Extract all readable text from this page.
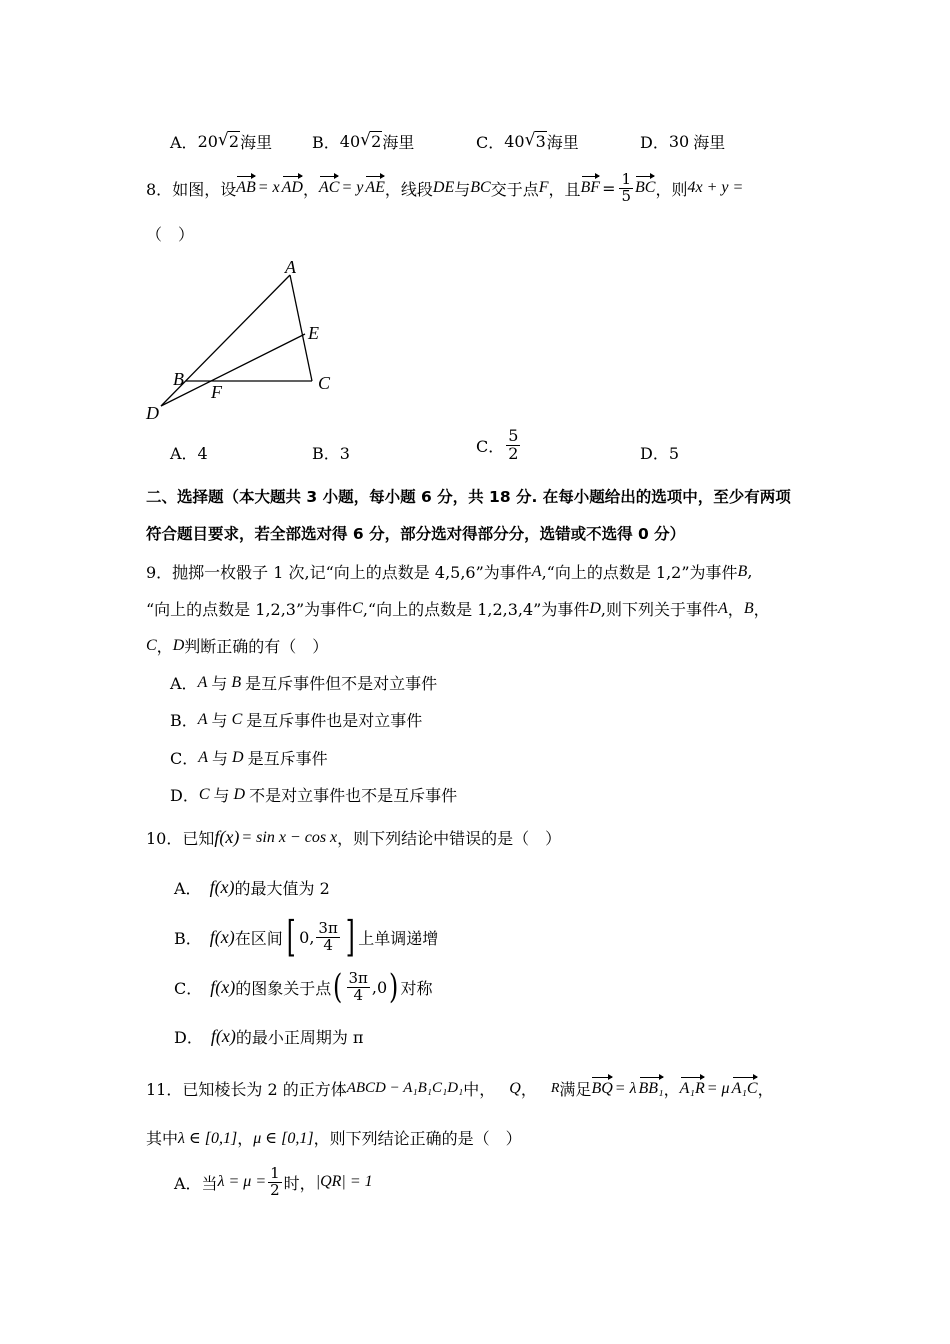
A． 20 √ 2 海里 B． 40 √ 2 海里	C． 40 √ 3 海里	D． 30 海里
8． 如图，设 AB = x AD ， AC = y AE ，线段 DE 与 BC 交于点 F ，且 BF = $\frac{1}{5}$ BC ，则 4x + y =
（　）
A
E
B	C
F
D
A．4	B．3	C． $\frac{5}{2}$	D．5
二、选择题（本大题共 3 小题，每小题 6 分，共 18 分. 在每小题给出的选项中，至少有两项
符合题目要求，若全部选对得 6 分，部分选对得部分分，选错或不选得 0 分）
9．抛掷一枚骰子 1 次,记“向上的点数是 4,5,6”为事件 A ,“向上的点数是 1,2”为事件 B ,
“向上的点数是 1,2,3”为事件 C ,“向上的点数是 1,2,3,4”为事件 D ,则下列关于事件 A ， B ，
C ， D 判断正确的有（　）
A． A 与 B 是互斥事件但不是对立事件
B． A 与 C 是互斥事件也是对立事件
C． A 与 D 是互斥事件
D． C 与 D 不是对立事件也不是互斥事件
10．已知 f(x) = sin x − cos x ，则下列结论中错误的是（　）
A． f(x) 的最大值为 2
B． f(x) 在区间 [ 0, $\frac{3\pi}{4}$ ] 上单调递增
C． f(x) 的图象关于点 ( $\frac{3\pi}{4} ,0$ ) 对称
D． f(x) 的最小正周期为 π
11．已知棱长为 2 的正方体 ABCD − A₁B₁C₁D₁ 中， Q ， R 满足 BQ = λ BB₁ ， A₁R = μ A₁C ，
其中 λ ∈ [0,1] ， μ ∈ [0,1] ，则下列结论正确的是（　）
A．当 $\lambda = \mu = \frac{1}{2}$ 时， |QR| = 1
